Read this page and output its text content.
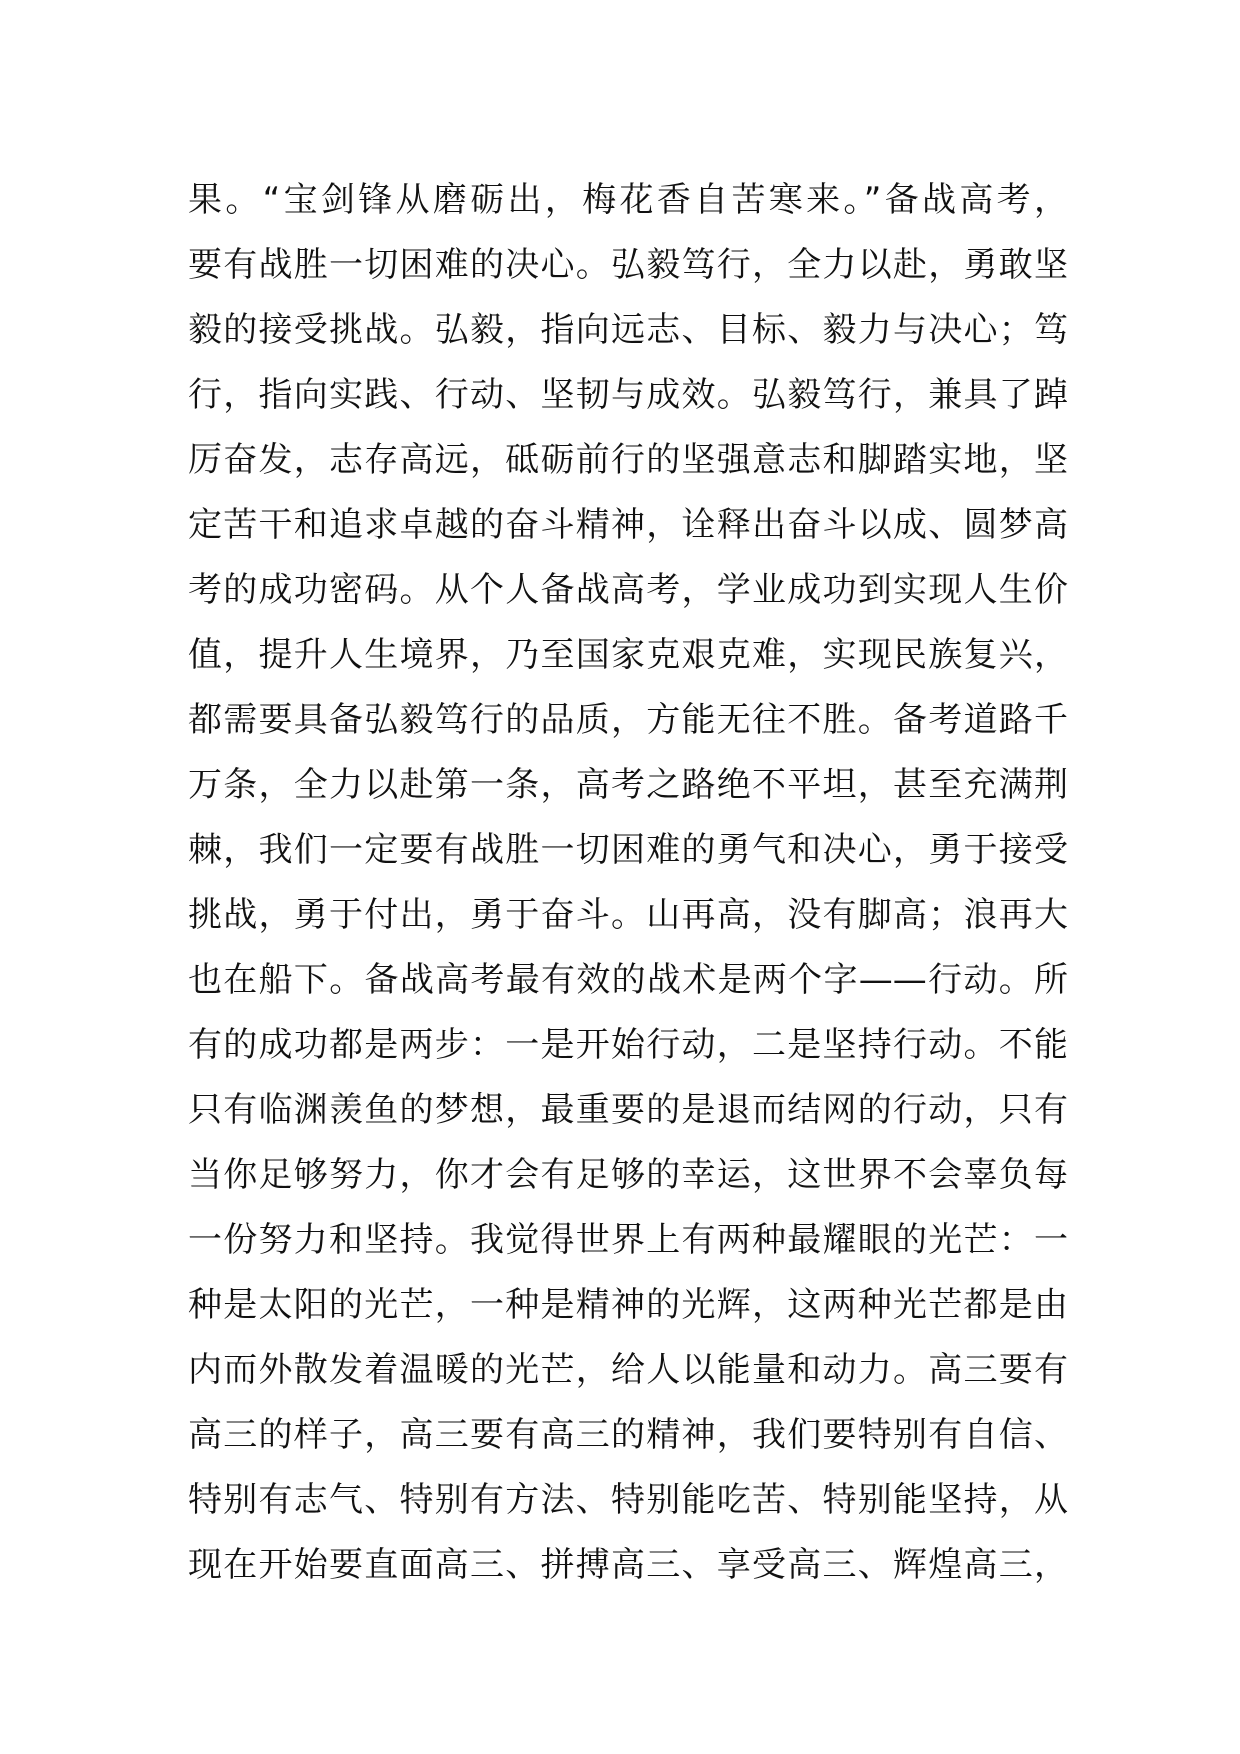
果。“宝剑锋从磨砺出，梅花香自苦寒来。”备战高考，
要有战胜一切困难的决心。弘毅笃行，全力以赴，勇敢坚
毅的接受挑战。弘毅，指向远志、目标、毅力与决心；笃
行，指向实践、行动、坚韧与成效。弘毅笃行，兼具了踔
厉奋发，志存高远，砥砺前行的坚强意志和脚踏实地，坚
定苦干和追求卓越的奋斗精神，诠释出奋斗以成、圆梦高
考的成功密码。从个人备战高考，学业成功到实现人生价
值，提升人生境界，乃至国家克艰克难，实现民族复兴，
都需要具备弘毅笃行的品质，方能无往不胜。备考道路千
万条，全力以赴第一条，高考之路绝不平坦，甚至充满荆
棘，我们一定要有战胜一切困难的勇气和决心，勇于接受
挑战，勇于付出，勇于奋斗。山再高，没有脚高；浪再大
也在船下。备战高考最有效的战术是两个字——行动。所
有的成功都是两步：一是开始行动，二是坚持行动。不能
只有临渊羡鱼的梦想，最重要的是退而结网的行动，只有
当你足够努力，你才会有足够的幸运，这世界不会辜负每
一份努力和坚持。我觉得世界上有两种最耀眼的光芒：一
种是太阳的光芒，一种是精神的光辉，这两种光芒都是由
内而外散发着温暖的光芒，给人以能量和动力。高三要有
高三的样子，高三要有高三的精神，我们要特别有自信、
特别有志气、特别有方法、特别能吃苦、特别能坚持，从
现在开始要直面高三、拼搏高三、享受高三、辉煌高三，
